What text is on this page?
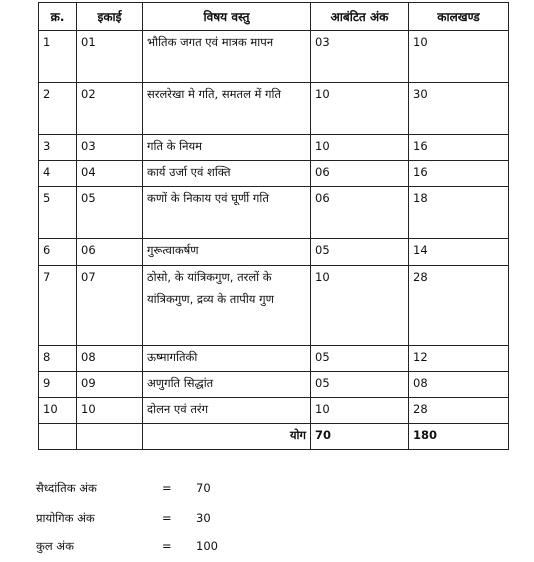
क्र.	इकाई	विषय वस्तु	आबंटित अंक	कालखण्ड
1	01	भौतिक जगत एवं मात्रक मापन	03	10
2	02	सरलरेखा मे गति, समतल में गति	10	30
3	03	गति के नियम	10	16
4	04	कार्य उर्जा एवं शक्ति	06	16
5	05	कणों के निकाय एवं घूर्णी गति	06	18
6	06	गुरूत्वाकर्षण	05	14
7	07	ठोसो, के यांत्रिकगुण, तरलों के यांत्रिकगुण, द्रव्य के तापीय गुण	10	28
8	08	ऊष्मागतिकी	05	12
9	09	अणुगति सिद्धांत	05	08
10	10	दोलन एवं तरंग	10	28
		योग	70	180
सैध्दांतिक अंक	= 70
प्रायोगिक अंक	= 30
कुल अंक	= 100
